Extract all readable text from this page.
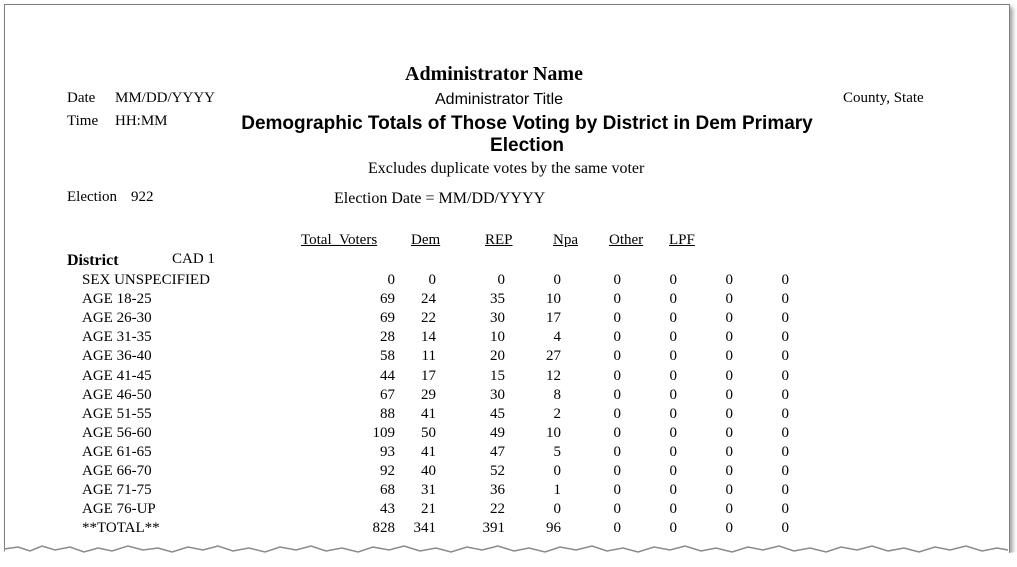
Administrator Name
Date MM/DD/YYYY	Administrator Title	County, State
Time HH:MM	Demographic Totals of Those Voting by District in Dem Primary Election
Excludes duplicate votes by the same voter
Election 922	Election Date = MM/DD/YYYY
Total_Voters Dem	REP	Npa Other LPF
District	CAD 1
SEX UNSPECIFIED	0 0	0	0	0	0	0	0
AGE 18-25	69 24	35	10	0	0	0	0
AGE 26-30	69 22	30	17	0	0	0	0
AGE 31-35	28 14	10	4	0	0	0	0
AGE 36-40	58 11	20	27	0	0	0	0
AGE 41-45	44 17	15	12	0	0	0	0
AGE 46-50	67 29	30	8	0	0	0	0
AGE 51-55	88 41	45	2	0	0	0	0
AGE 56-60	109 50	49	10	0	0	0	0
AGE 61-65	93 41	47	5	0	0	0	0
AGE 66-70	92 40	52	0	0	0	0	0
AGE 71-75	68 31	36	1	0	0	0	0
AGE 76-UP	43 21	22	0	0	0	0	0
**TOTAL**	828 341	391	96	0	0	0	0
